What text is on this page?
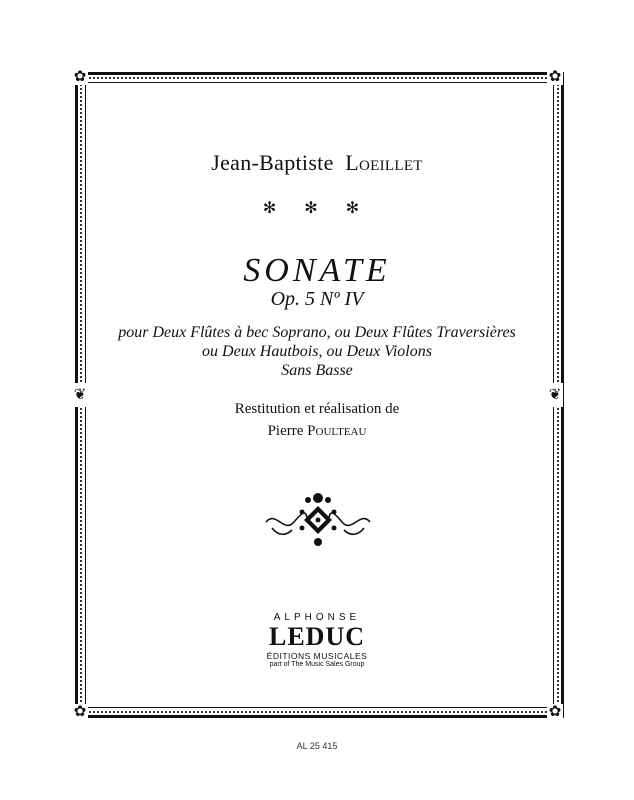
✿	✿
✿	✿
❦	❦
Jean-Baptiste Loeillet
✻ ✻ ✻
SONATE
Op. 5 Nº IV
pour Deux Flûtes à bec Soprano, ou Deux Flûtes Traversières
ou Deux Hautbois, ou Deux Violons
Sans Basse
Restitution et réalisation de
Pierre Poulteau
ALPHONSE
LEDUC
ÉDITIONS MUSICALES
part of The Music Sales Group
AL 25 415
